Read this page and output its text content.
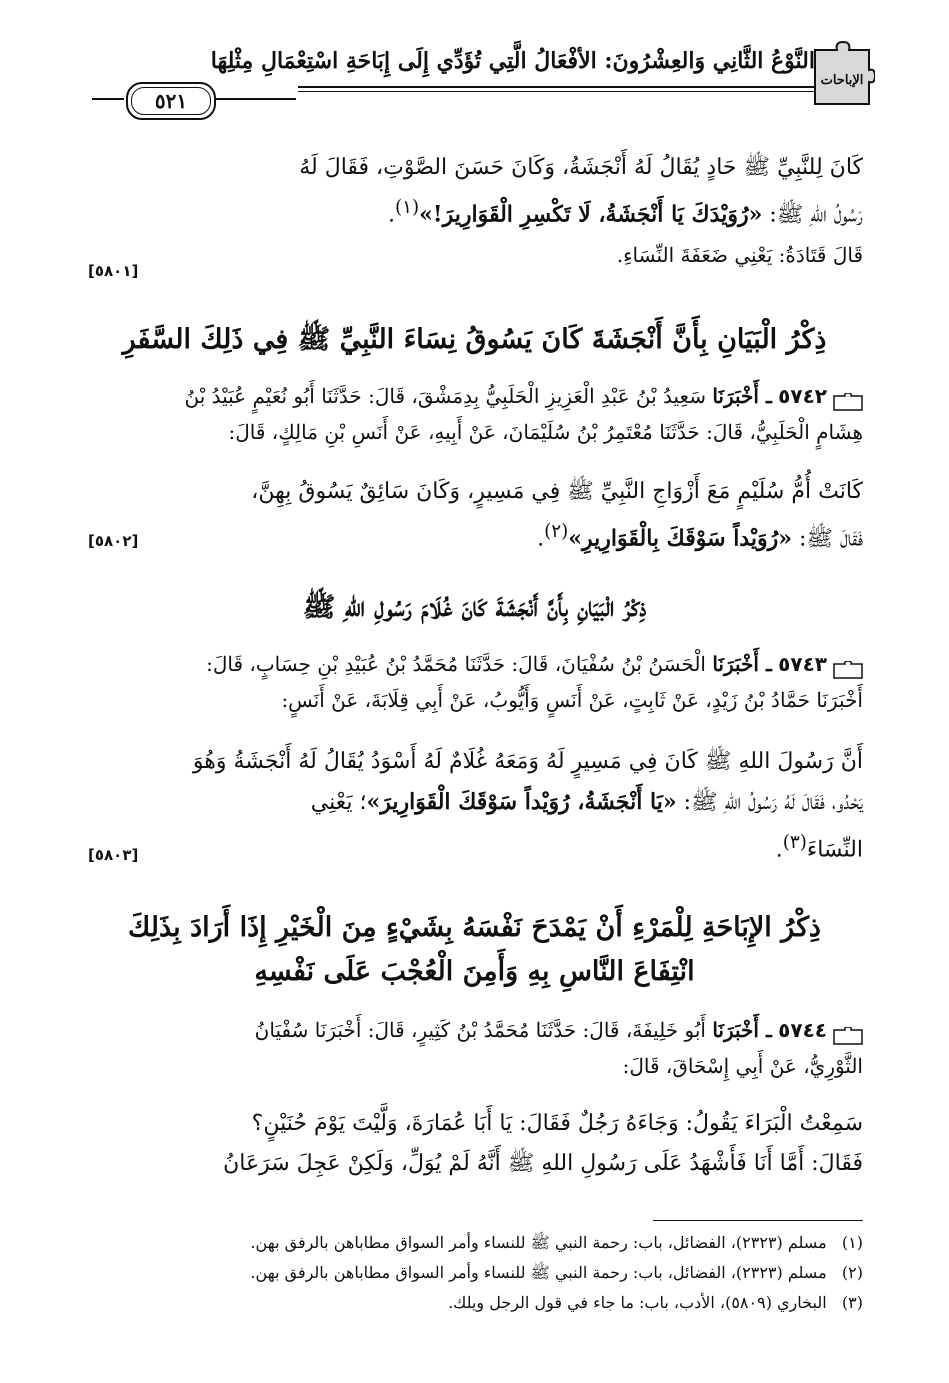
الإباحات
النَّوْعُ الثَّانِي وَالعِشْرُونَ: الأفْعَالُ الَّتِي تُؤَدِّي إِلَى إِبَاحَةِ اسْتِعْمَالِ مِثْلِهَا
٥٢١

كَانَ لِلنَّبِيِّ ﷺ حَادٍ يُقَالُ لَهُ أَنْجَشَةُ، وَكَانَ حَسَنَ الصَّوْتِ، فَقَالَ لَهُ

رَسُولُ اللهِ ﷺ: «رُوَيْدَكَ يَا أَنْجَشَةُ، لَا تَكْسِرِ الْقَوَارِيرَ!»$^{(١)}$.

قَالَ قَتَادَةُ: يَعْنِي ضَعَفَةَ النِّسَاءِ.

[٥٨٠١]
ذِكْرُ الْبَيَانِ بِأَنَّ أَنْجَشَةَ كَانَ يَسُوقُ نِسَاءَ النَّبِيِّ ﷺ فِي ذَلِكَ السَّفَرِ

٥٧٤٢ ـ أَخْبَرَنَا سَعِيدُ بْنُ عَبْدِ الْعَزِيزِ الْحَلَبِيُّ بِدِمَشْقَ، قَالَ: حَدَّثَنَا أَبُو نُعَيْمٍ عُبَيْدُ بْنُ

هِشَامٍ الْحَلَبِيُّ، قَالَ: حَدَّثَنَا مُعْتَمِرُ بْنُ سُلَيْمَانَ، عَنْ أَبِيهِ، عَنْ أَنَسِ بْنِ مَالِكٍ، قَالَ:

كَانَتْ أُمُّ سُلَيْمٍ مَعَ أَزْوَاجِ النَّبِيِّ ﷺ فِي مَسِيرٍ، وَكَانَ سَائِقٌ يَسُوقُ بِهِنَّ،

فَقَالَ ﷺ: «رُوَيْداً سَوْقَكَ بِالْقَوَارِيرِ»$^{(٢)}$.

[٥٨٠٢]
ذِكْرُ الْبَيَانِ بِأَنَّ أَنْجَشَةَ كَانَ غُلَامَ رَسُولِ اللهِ ﷺ

٥٧٤٣ ـ أَخْبَرَنَا الْحَسَنُ بْنُ سُفْيَانَ، قَالَ: حَدَّثَنَا مُحَمَّدُ بْنُ عُبَيْدِ بْنِ حِسَابٍ، قَالَ:

أَخْبَرَنَا حَمَّادُ بْنُ زَيْدٍ، عَنْ ثَابِتٍ، عَنْ أَنَسٍ وَأَيُّوبُ، عَنْ أَبِي قِلَابَةَ، عَنْ أَنَسٍ:

أَنَّ رَسُولَ اللهِ ﷺ كَانَ فِي مَسِيرٍ لَهُ وَمَعَهُ غُلَامٌ لَهُ أَسْوَدُ يُقَالُ لَهُ أَنْجَشَةُ وَهُوَ

يَحْدُو، فَقَالَ لَهُ رَسُولُ اللهِ ﷺ: «يَا أَنْجَشَةُ، رُوَيْداً سَوْقَكَ الْقَوَارِيرَ»؛ يَعْنِي

النِّسَاءَ$^{(٣)}$.

[٥٨٠٣]
ذِكْرُ الإِبَاحَةِ لِلْمَرْءِ أَنْ يَمْدَحَ نَفْسَهُ بِشَيْءٍ مِنَ الْخَيْرِ إِذَا أَرَادَ بِذَلِكَ
انْتِفَاعَ النَّاسِ بِهِ وَأَمِنَ الْعُجْبَ عَلَى نَفْسِهِ

٥٧٤٤ ـ أَخْبَرَنَا أَبُو خَلِيفَةَ، قَالَ: حَدَّثَنَا مُحَمَّدُ بْنُ كَثِيرٍ، قَالَ: أَخْبَرَنَا سُفْيَانُ

الثَّوْرِيُّ، عَنْ أَبِي إِسْحَاقَ، قَالَ:

سَمِعْتُ الْبَرَاءَ يَقُولُ: وَجَاءَهُ رَجُلٌ فَقَالَ: يَا أَبَا عُمَارَةَ، وَلَّيْتَ يَوْمَ حُنَيْنٍ؟

فَقَالَ: أَمَّا أَنَا فَأَشْهَدُ عَلَى رَسُولِ اللهِ ﷺ أَنَّهُ لَمْ يُوَلِّ، وَلَكِنْ عَجِلَ سَرَعَانُ

(١)   مسلم (٢٣٢٣)، الفضائل، باب: رحمة النبي ﷺ للنساء وأمر السواق مطاباهن بالرفق بهن.
(٢)   مسلم (٢٣٢٣)، الفضائل، باب: رحمة النبي ﷺ للنساء وأمر السواق مطاباهن بالرفق بهن.
(٣)   البخاري (٥٨٠٩)، الأدب، باب: ما جاء في قول الرجل ويلك.
